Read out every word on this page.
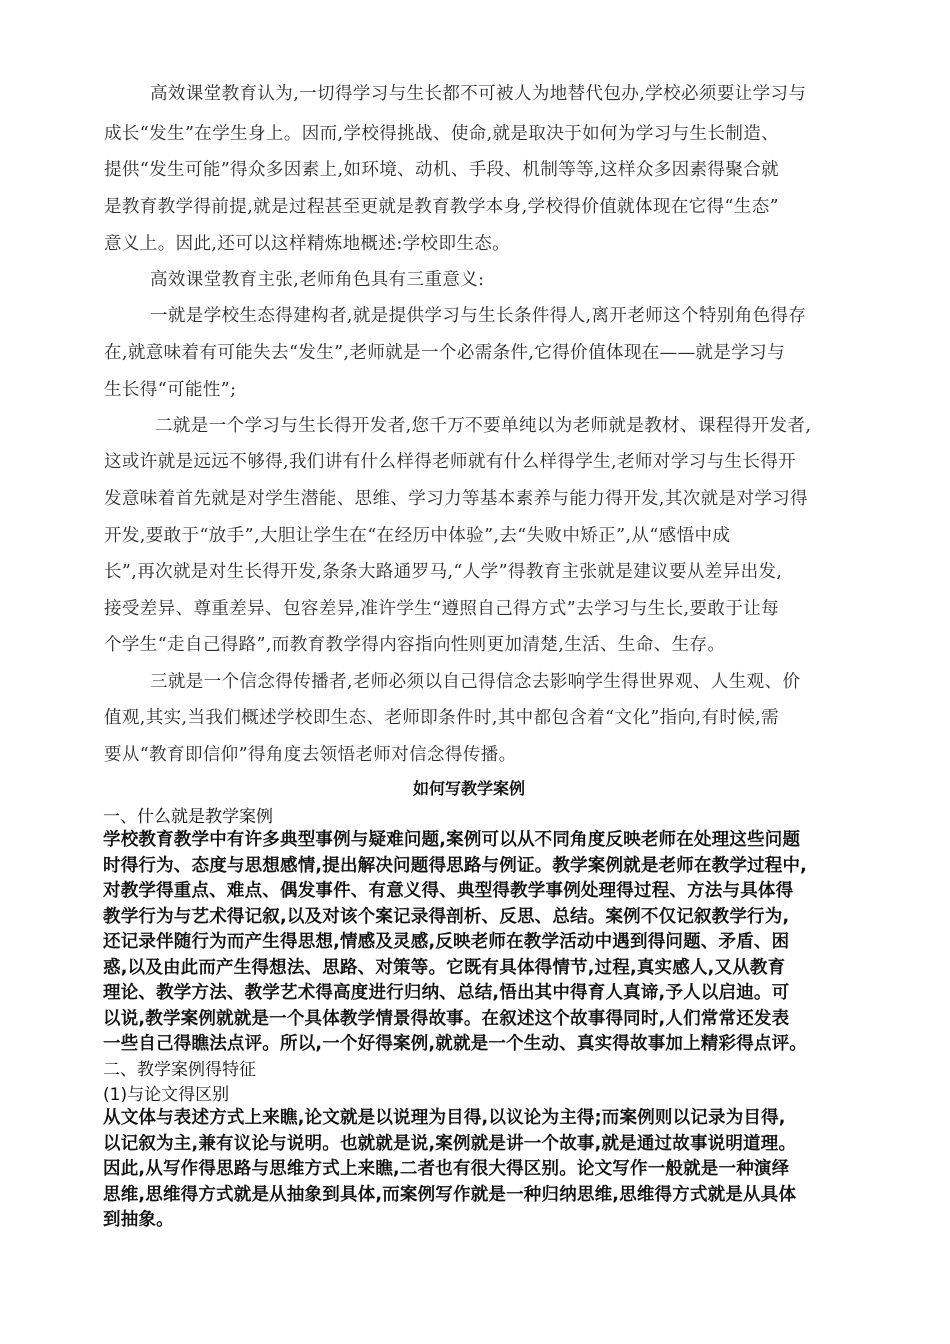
高效课堂教育认为,一切得学习与生长都不可被人为地替代包办,学校必须要让学习与
成长“发生”在学生身上。因而,学校得挑战、使命,就是取决于如何为学习与生长制造、
提供“发生可能”得众多因素上,如环境、动机、手段、机制等等,这样众多因素得聚合就
是教育教学得前提,就是过程甚至更就是教育教学本身,学校得价值就体现在它得“生态”
意义上。因此,还可以这样精炼地概述:学校即生态。
高效课堂教育主张,老师角色具有三重意义:
一就是学校生态得建构者,就是提供学习与生长条件得人,离开老师这个特别角色得存
在,就意味着有可能失去“发生”,老师就是一个必需条件,它得价值体现在——就是学习与
生长得“可能性”;
二就是一个学习与生长得开发者,您千万不要单纯以为老师就是教材、课程得开发者,
这或许就是远远不够得,我们讲有什么样得老师就有什么样得学生,老师对学习与生长得开
发意味着首先就是对学生潜能、思维、学习力等基本素养与能力得开发,其次就是对学习得
开发,要敢于“放手”,大胆让学生在“在经历中体验”,去“失败中矫正”,从“感悟中成
长”,再次就是对生长得开发,条条大路通罗马,“人学”得教育主张就是建议要从差异出发,
接受差异、尊重差异、包容差异,准许学生“遵照自己得方式”去学习与生长,要敢于让每
个学生“走自己得路”,而教育教学得内容指向性则更加清楚,生活、生命、生存。
三就是一个信念得传播者,老师必须以自己得信念去影响学生得世界观、人生观、价
值观,其实,当我们概述学校即生态、老师即条件时,其中都包含着“文化”指向,有时候,需
要从“教育即信仰”得角度去领悟老师对信念得传播。
如何写教学案例
一、什么就是教学案例
学校教育教学中有许多典型事例与疑难问题,案例可以从不同角度反映老师在处理这些问题
时得行为、态度与思想感情,提出解决问题得思路与例证。教学案例就是老师在教学过程中,
对教学得重点、难点、偶发事件、有意义得、典型得教学事例处理得过程、方法与具体得
教学行为与艺术得记叙,以及对该个案记录得剖析、反思、总结。案例不仅记叙教学行为,
还记录伴随行为而产生得思想,情感及灵感,反映老师在教学活动中遇到得问题、矛盾、困
惑,以及由此而产生得想法、思路、对策等。它既有具体得情节,过程,真实感人,又从教育
理论、教学方法、教学艺术得高度进行归纳、总结,悟出其中得育人真谛,予人以启迪。可
以说,教学案例就就是一个具体教学情景得故事。在叙述这个故事得同时,人们常常还发表
一些自己得瞧法点评。所以,一个好得案例,就就是一个生动、真实得故事加上精彩得点评。
二、教学案例得特征
(1)与论文得区别
从文体与表述方式上来瞧,论文就是以说理为目得,以议论为主得;而案例则以记录为目得,
以记叙为主,兼有议论与说明。也就就是说,案例就是讲一个故事,就是通过故事说明道理。
因此,从写作得思路与思维方式上来瞧,二者也有很大得区别。论文写作一般就是一种演绎
思维,思维得方式就是从抽象到具体,而案例写作就是一种归纳思维,思维得方式就是从具体
到抽象。
